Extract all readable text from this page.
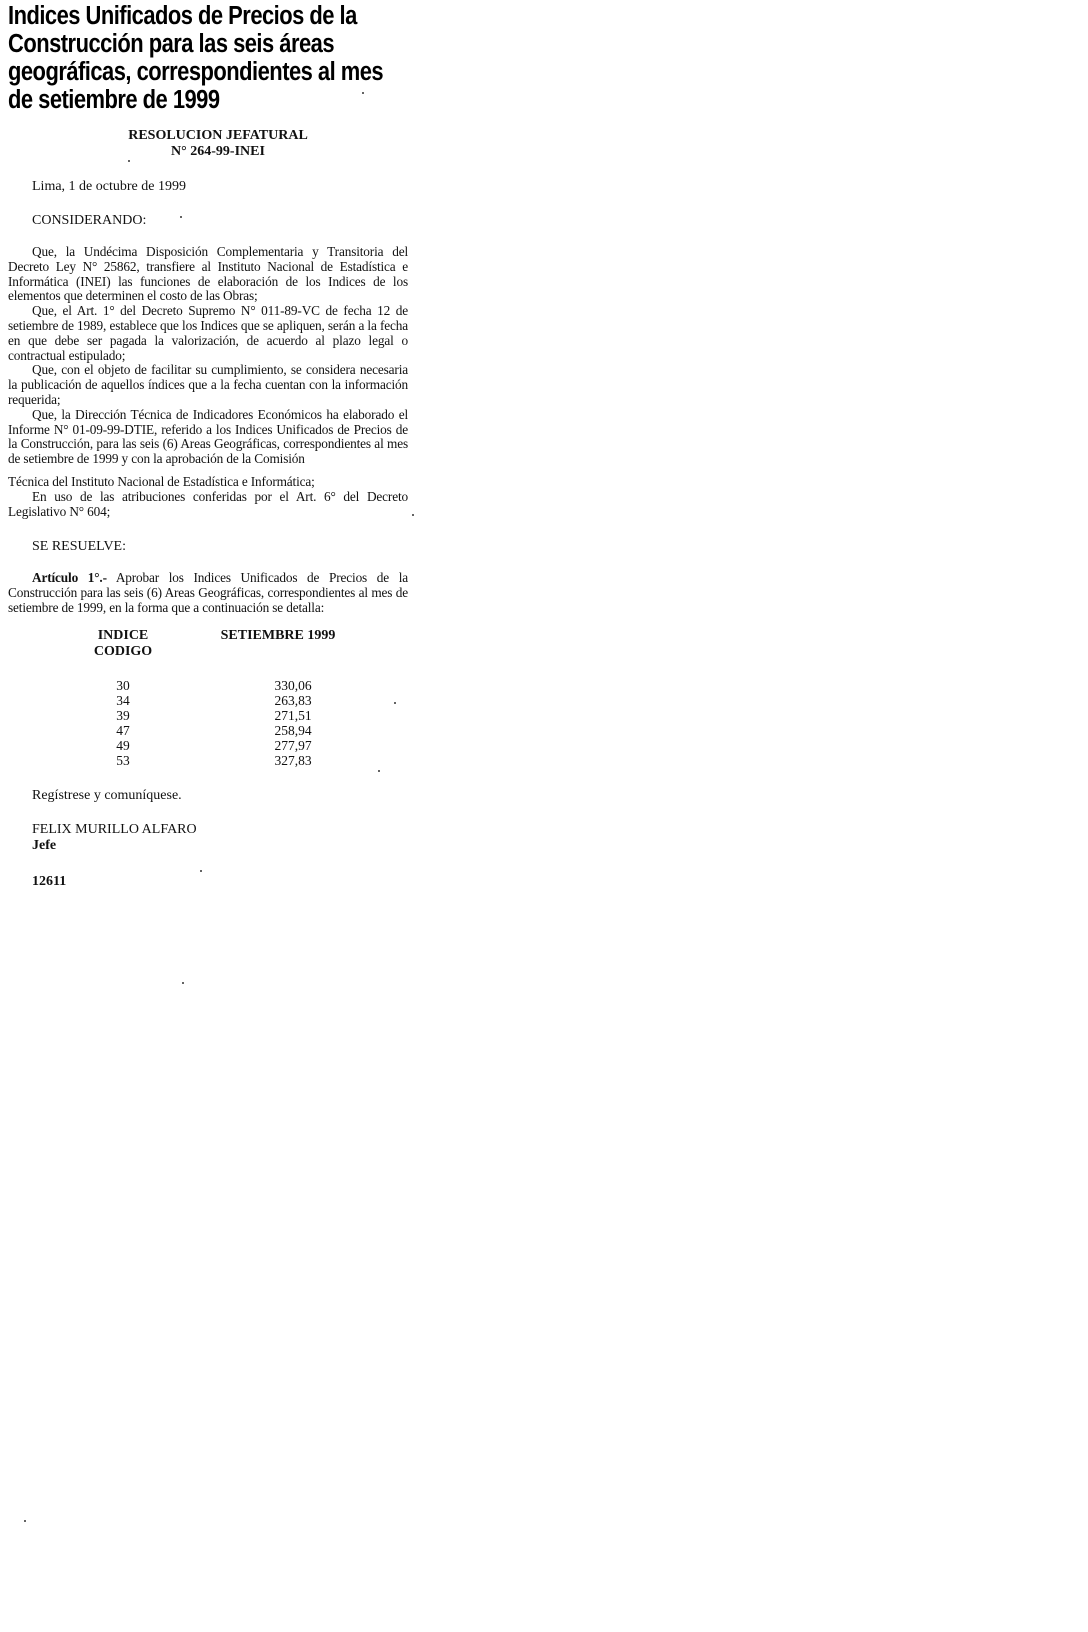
Indices Unificados de Precios de la Construcción para las seis áreas geográficas, correspondientes al mes de setiembre de 1999
RESOLUCION JEFATURAL
N° 264-99-INEI
Lima, 1 de octubre de 1999
CONSIDERANDO:

Que, la Undécima Disposición Complementaria y Transitoria del Decreto Ley N° 25862, transfiere al Instituto Nacional de Estadística e Informática (INEI) las funciones de elaboración de los Indices de los elementos que determinen el costo de las Obras;

Que, el Art. 1° del Decreto Supremo N° 011-89-VC de fecha 12 de setiembre de 1989, establece que los Indices que se apliquen, serán a la fecha en que debe ser pagada la valorización, de acuerdo al plazo legal o contractual estipulado;

Que, con el objeto de facilitar su cumplimiento, se considera necesaria la publicación de aquellos índices que a la fecha cuentan con la información requerida;

Que, la Dirección Técnica de Indicadores Económicos ha elaborado el Informe N° 01-09-99-DTIE, referido a los Indices Unificados de Precios de la Construcción, para las seis (6) Areas Geográficas, correspondientes al mes de setiembre de 1999 y con la aprobación de la Comisión

Técnica del Instituto Nacional de Estadística e Informática;

En uso de las atribuciones conferidas por el Art. 6° del Decreto Legislativo N° 604;

SE RESUELVE:
Artículo 1°.- Aprobar los Indices Unificados de Precios de la Construcción para las seis (6) Areas Geográficas, correspondientes al mes de setiembre de 1999, en la forma que a continuación se detalla:
INDICE
CODIGO	SETIEMBRE 1999
30	330,06
34	263,83
39	271,51
47	258,94
49	277,97
53	327,83
Regístrese y comuníquese.
FELIX MURILLO ALFARO
Jefe
12611
